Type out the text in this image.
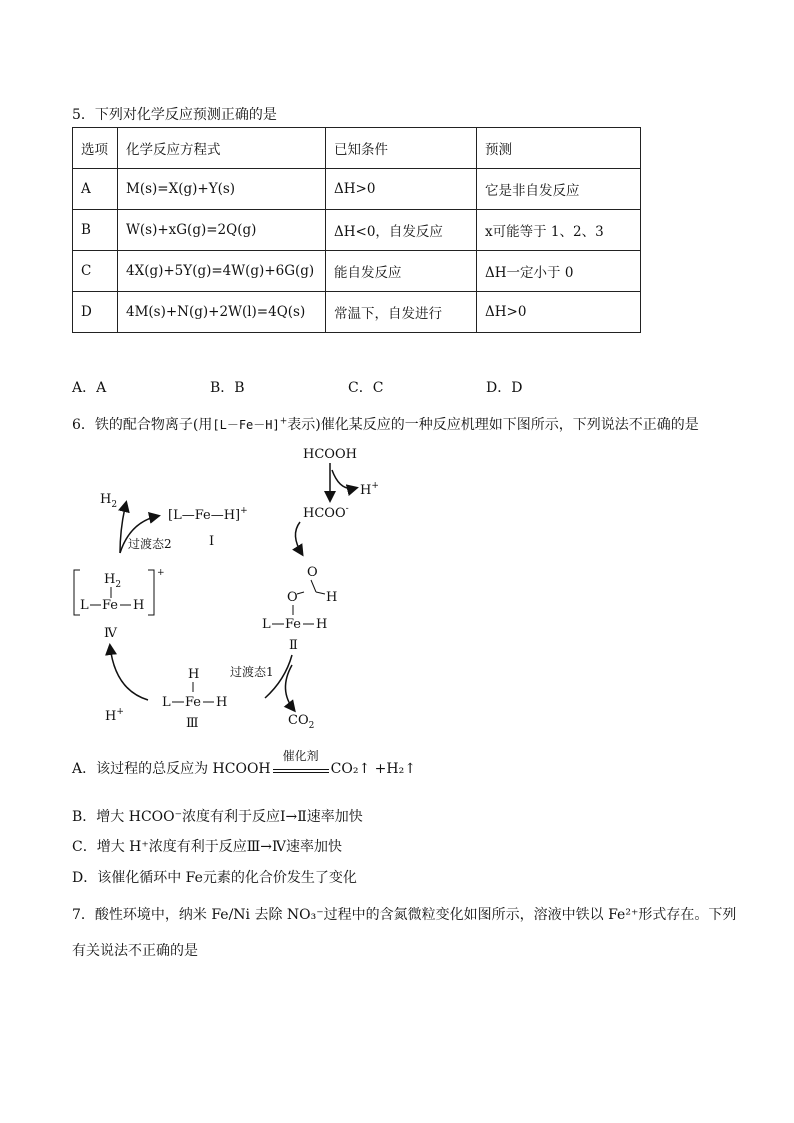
5．下列对化学反应预测正确的是
选项	化学反应方程式	已知条件	预测
A	M(s)=X(g)+Y(s)	ΔH>0	它是非自发反应
B	W(s)+xG(g)=2Q(g)	ΔH<0，自发反应	x可能等于 1、2、3
C	4X(g)+5Y(g)=4W(g)+6G(g)	能自发反应	ΔH一定小于 0
D	4M(s)+N(g)+2W(l)=4Q(s)	常温下，自发进行	ΔH>0
A．A	B．B	C．C	D．D
6．铁的配合物离子(用[L－Fe－H]+表示)催化某反应的一种反应机理如下图所示，下列说法不正确的是
HCOOH
H+
HCOO-
[L—Fe—H]+
I
$H_2$
过渡态2
+
$H_2$
L Fe H
Ⅳ
H+
O
H
O
L Fe H
Ⅱ
过渡态1
$CO_2$
H
L Fe H
Ⅲ
A．该过程的总反应为 HCOOH
催化剂
CO₂↑ +H₂↑
B．增大 HCOO⁻浓度有利于反应Ⅰ→Ⅱ速率加快
C．增大 H⁺浓度有利于反应Ⅲ→Ⅳ速率加快
D．该催化循环中 Fe元素的化合价发生了变化
7．酸性环境中，纳米 Fe/Ni 去除 NO₃⁻过程中的含氮微粒变化如图所示，溶液中铁以 Fe²⁺形式存在。下列
有关说法不正确的是
